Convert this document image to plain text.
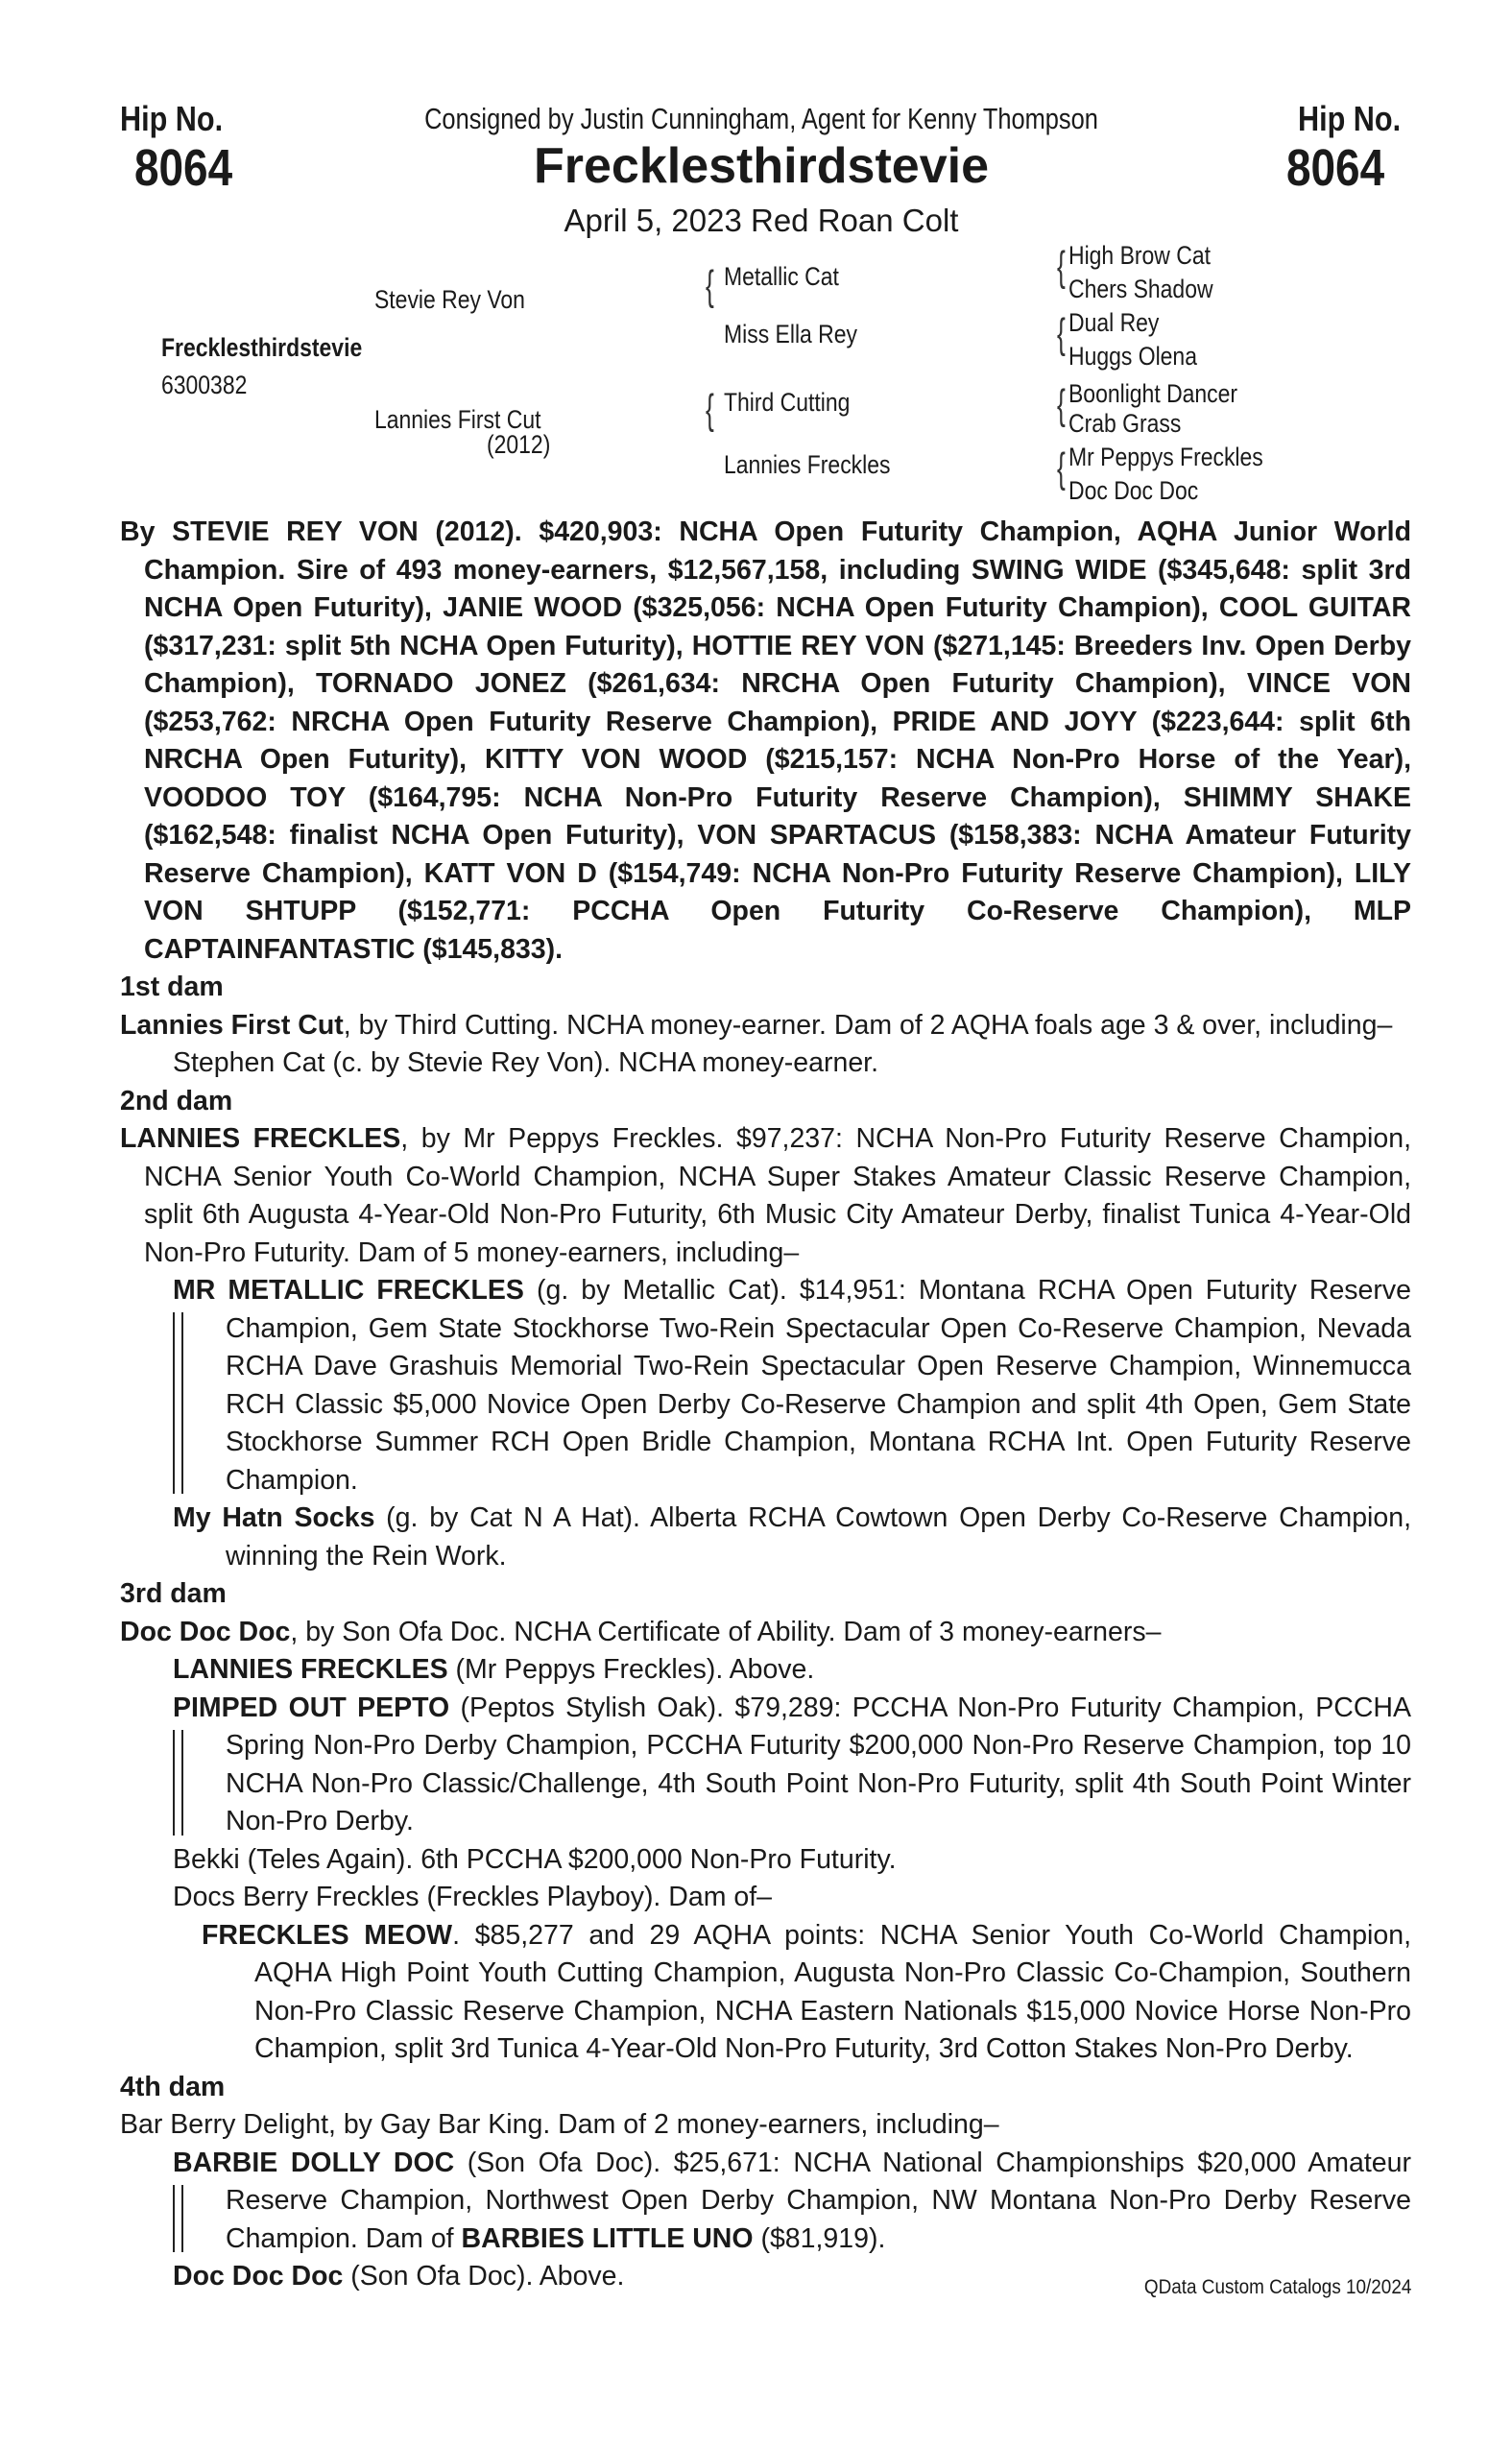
Hip No.
8064
Hip No.
8064
Consigned by Justin Cunningham, Agent for Kenny Thompson
Frecklesthirdstevie
April 5, 2023 Red Roan Colt
Frecklesthirdstevie
6300382
Stevie Rey Von
Lannies First Cut
(2012)
{ Metallic Cat
Miss Ella Rey
{ Third Cutting
Lannies Freckles
{ High Brow Cat
Chers Shadow
{ Dual Rey
Huggs Olena
{ Boonlight Dancer
Crab Grass
{ Mr Peppys Freckles
Doc Doc Doc

By STEVIE REY VON (2012). $420,903: NCHA Open Futurity Champion, AQHA Junior World Champion. Sire of 493 money-earners, $12,567,158, including SWING WIDE ($345,648: split 3rd NCHA Open Futurity), JANIE WOOD ($325,056: NCHA Open Futurity Champion), COOL GUITAR ($317,231: split 5th NCHA Open Futurity), HOTTIE REY VON ($271,145: Breeders Inv. Open Derby Champion), TORNADO JONEZ ($261,634: NRCHA Open Futurity Champion), VINCE VON ($253,762: NRCHA Open Futurity Reserve Champion), PRIDE AND JOYY ($223,644: split 6th NRCHA Open Futurity), KITTY VON WOOD ($215,157: NCHA Non-Pro Horse of the Year), VOODOO TOY ($164,795: NCHA Non-Pro Futurity Reserve Champion), SHIMMY SHAKE ($162,548: finalist NCHA Open Futurity), VON SPARTACUS ($158,383: NCHA Amateur Futurity Reserve Champion), KATT VON D ($154,749: NCHA Non-Pro Futurity Reserve Champion), LILY VON SHTUPP ($152,771: PCCHA Open Futurity Co-Reserve Champion), MLP CAPTAINFANTASTIC ($145,833).

1st dam

Lannies First Cut, by Third Cutting. NCHA money-earner. Dam of 2 AQHA foals age 3 & over, including–

Stephen Cat (c. by Stevie Rey Von). NCHA money-earner.

2nd dam

LANNIES FRECKLES, by Mr Peppys Freckles. $97,237: NCHA Non-Pro Futurity Reserve Champion, NCHA Senior Youth Co-World Champion, NCHA Super Stakes Amateur Classic Reserve Champion, split 6th Augusta 4-Year-Old Non-Pro Futurity, 6th Music City Amateur Derby, finalist Tunica 4-Year-Old Non-Pro Futurity. Dam of 5 money-earners, including–

MR METALLIC FRECKLES (g. by Metallic Cat). $14,951: Montana RCHA Open Futurity Reserve Champion, Gem State Stockhorse Two-Rein Spectacular Open Co-Reserve Champion, Nevada RCHA Dave Grashuis Memorial Two-Rein Spectacular Open Reserve Champion, Winnemucca RCH Classic $5,000 Novice Open Derby Co-Reserve Champion and split 4th Open, Gem State Stockhorse Summer RCH Open Bridle Champion, Montana RCHA Int. Open Futurity Reserve Champion.

My Hatn Socks (g. by Cat N A Hat). Alberta RCHA Cowtown Open Derby Co-Reserve Champion, winning the Rein Work.

3rd dam

Doc Doc Doc, by Son Ofa Doc. NCHA Certificate of Ability. Dam of 3 money-earners–

LANNIES FRECKLES (Mr Peppys Freckles). Above.

PIMPED OUT PEPTO (Peptos Stylish Oak). $79,289: PCCHA Non-Pro Futurity Champion, PCCHA Spring Non-Pro Derby Champion, PCCHA Futurity $200,000 Non-Pro Reserve Champion, top 10 NCHA Non-Pro Classic/Challenge, 4th South Point Non-Pro Futurity, split 4th South Point Winter Non-Pro Derby.

Bekki (Teles Again). 6th PCCHA $200,000 Non-Pro Futurity.

Docs Berry Freckles (Freckles Playboy). Dam of–

FRECKLES MEOW. $85,277 and 29 AQHA points: NCHA Senior Youth Co-World Champion, AQHA High Point Youth Cutting Champion, Augusta Non-Pro Classic Co-Champion, Southern Non-Pro Classic Reserve Champion, NCHA Eastern Nationals $15,000 Novice Horse Non-Pro Champion, split 3rd Tunica 4-Year-Old Non-Pro Futurity, 3rd Cotton Stakes Non-Pro Derby.

4th dam

Bar Berry Delight, by Gay Bar King. Dam of 2 money-earners, including–

BARBIE DOLLY DOC (Son Ofa Doc). $25,671: NCHA National Championships $20,000 Amateur Reserve Champion, Northwest Open Derby Champion, NW Montana Non-Pro Derby Reserve Champion. Dam of BARBIES LITTLE UNO ($81,919).

Doc Doc Doc (Son Ofa Doc). Above.	QData Custom Catalogs 10/2024
